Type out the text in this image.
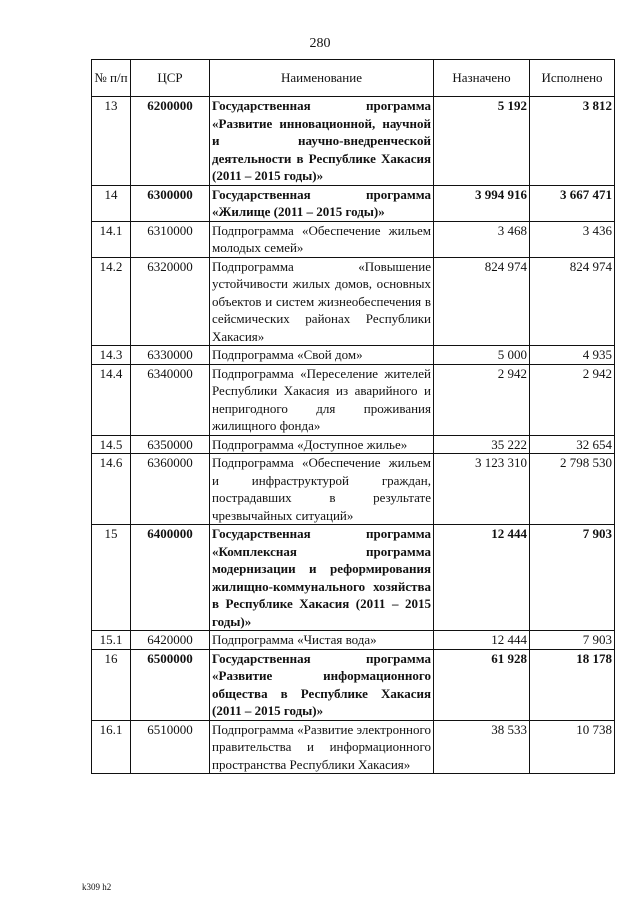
280
№ п/п	ЦСР	Наименование	Назначено	Исполнено
13	6200000	Государственная программа «Развитие инновационной, научной и научно-внедренческой деятельности в Республике Хакасия (2011 – 2015 годы)»	5 192	3 812
14	6300000	Государственная программа «Жилище (2011 – 2015 годы)»	3 994 916	3 667 471
14.1	6310000	Подпрограмма «Обеспечение жильем молодых семей»	3 468	3 436
14.2	6320000	Подпрограмма «Повышение устойчивости жилых домов, основных объектов и систем жизнеобеспечения в сейсмических районах Республики Хакасия»	824 974	824 974
14.3	6330000	Подпрограмма «Свой дом»	5 000	4 935
14.4	6340000	Подпрограмма «Переселение жителей Республики Хакасия из аварийного и непригодного для проживания жилищного фонда»	2 942	2 942
14.5	6350000	Подпрограмма «Доступное жилье»	35 222	32 654
14.6	6360000	Подпрограмма «Обеспечение жильем и инфраструктурой граждан, пострадавших в результате чрезвычайных ситуаций»	3 123 310	2 798 530
15	6400000	Государственная программа «Комплексная программа модернизации и реформирования жилищно-коммунального хозяйства в Республике Хакасия (2011 – 2015 годы)»	12 444	7 903
15.1	6420000	Подпрограмма «Чистая вода»	12 444	7 903
16	6500000	Государственная программа «Развитие информационного общества в Республике Хакасия (2011 – 2015 годы)»	61 928	18 178
16.1	6510000	Подпрограмма «Развитие электронного правительства и информационного пространства Республики Хакасия»	38 533	10 738
k309 h2
